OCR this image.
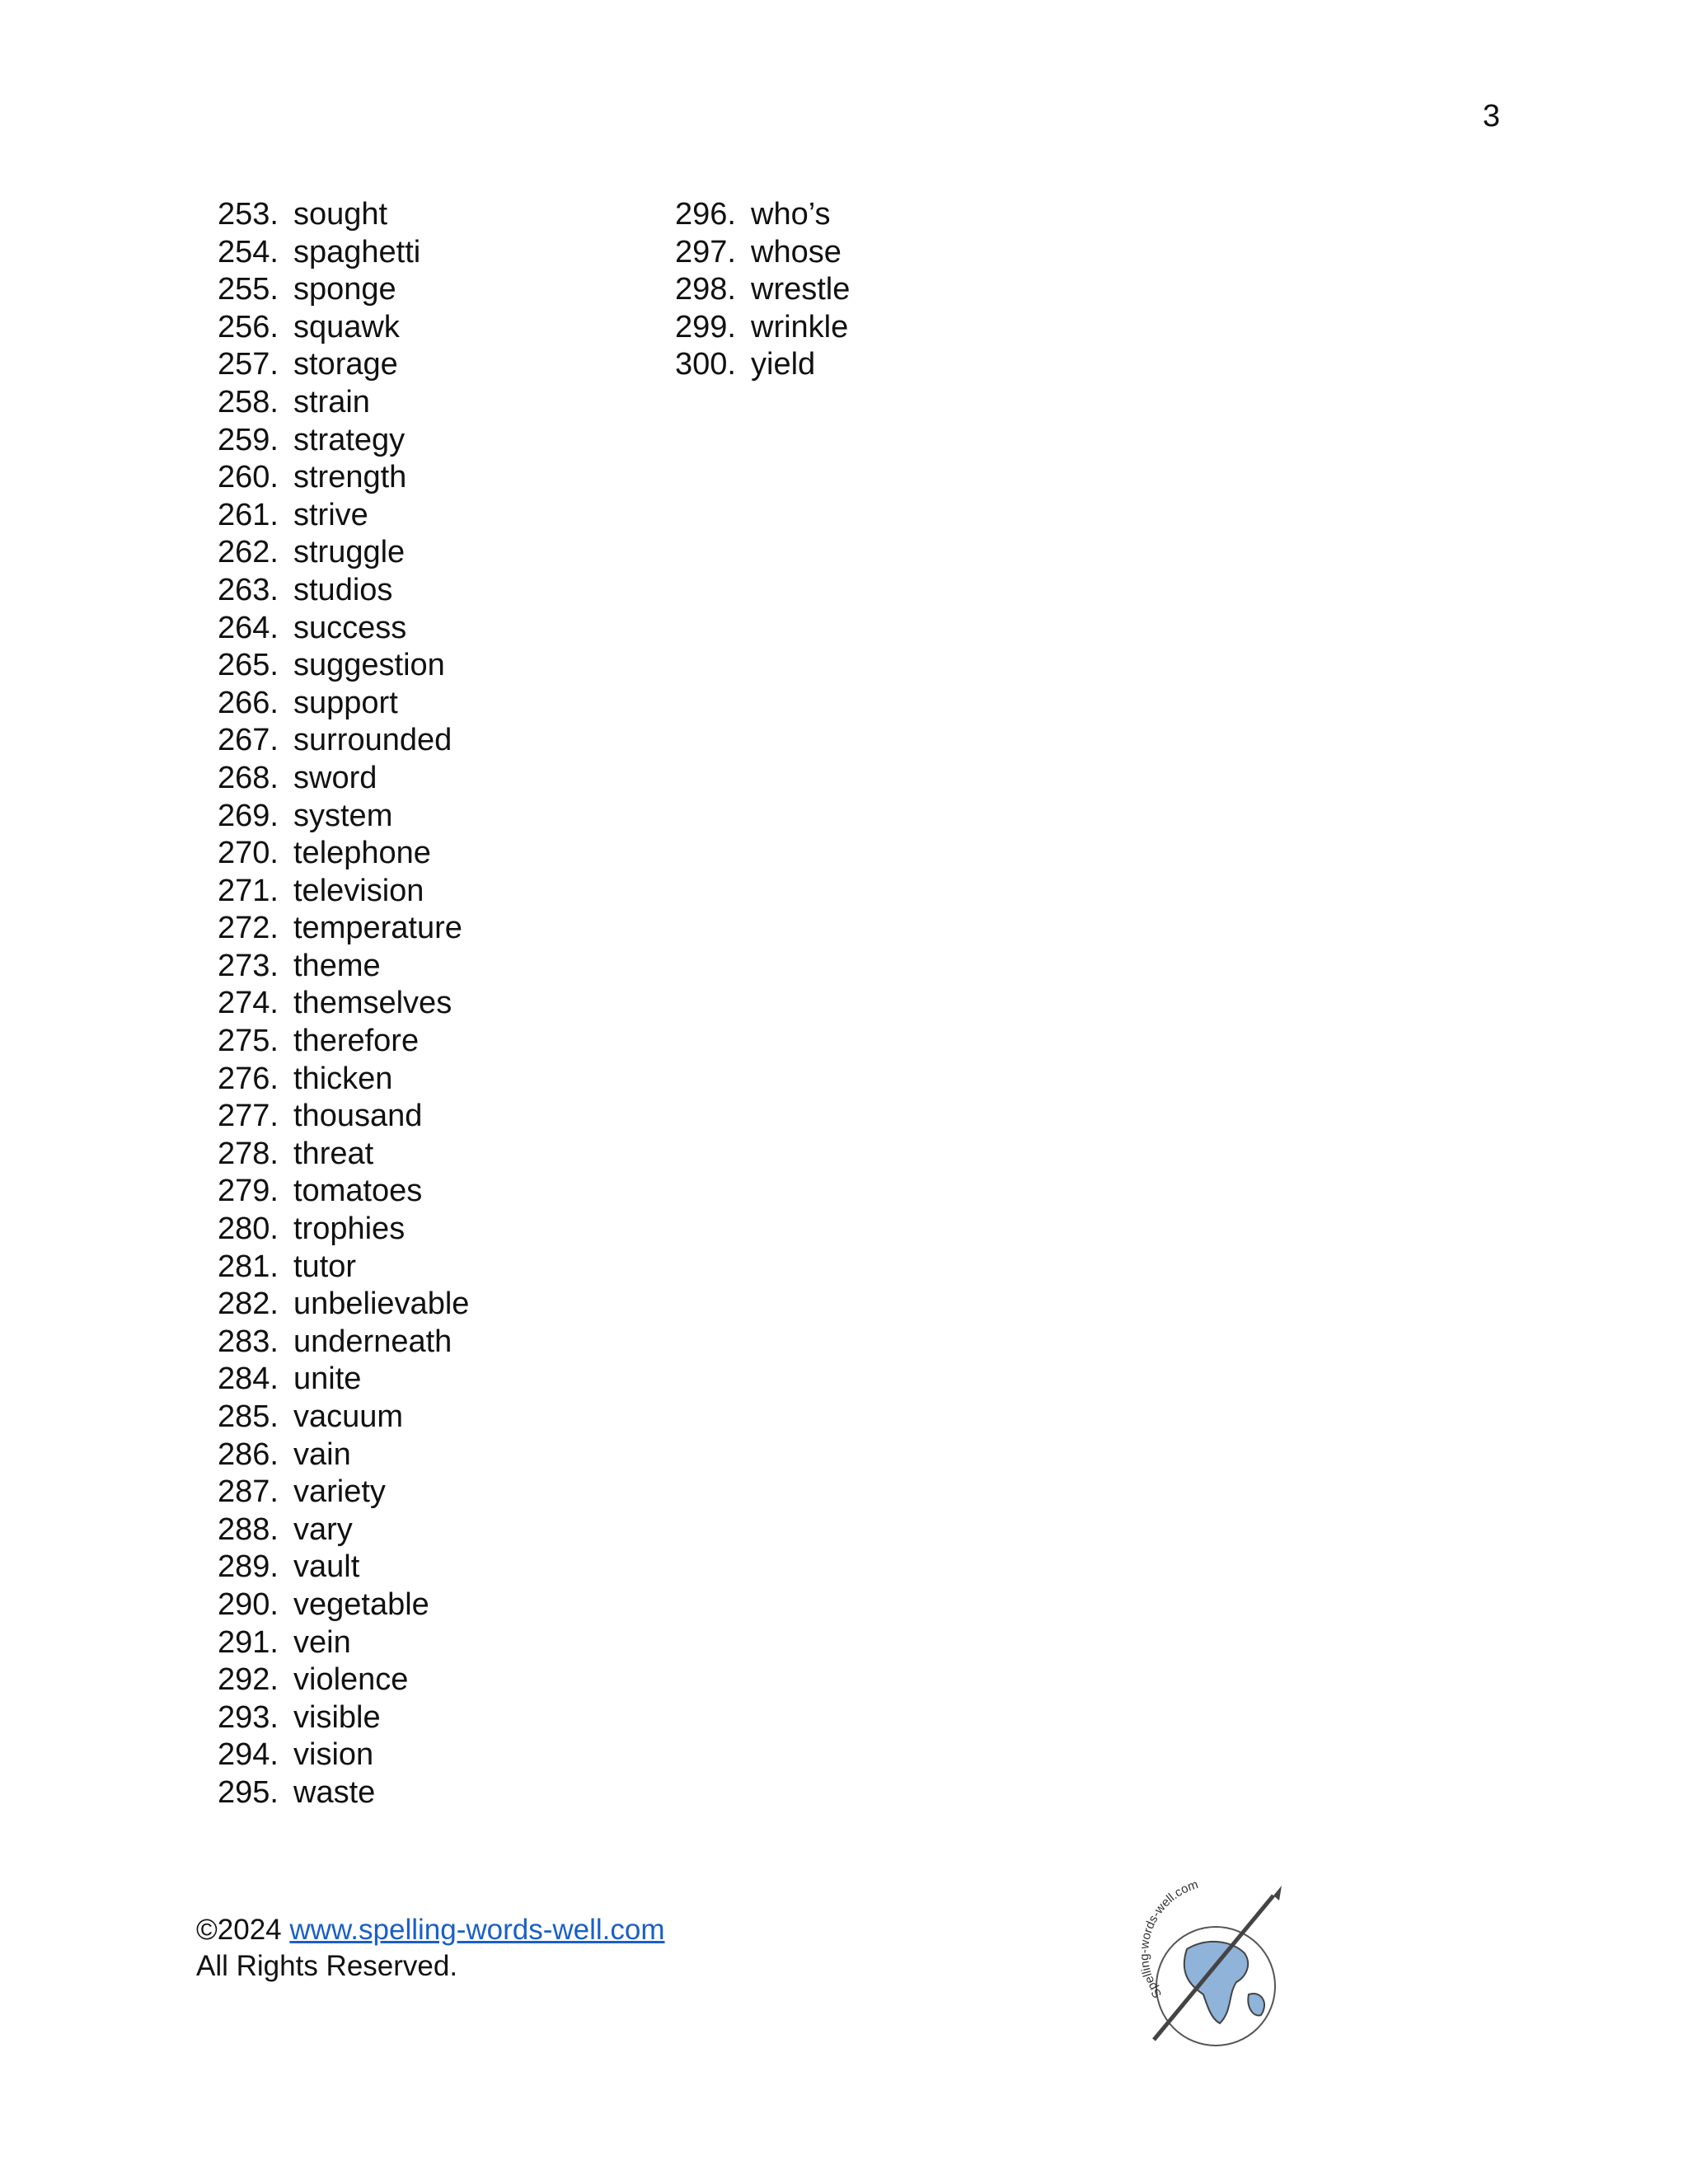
3
253. sought
254. spaghetti
255. sponge
256. squawk
257. storage
258. strain
259. strategy
260. strength
261. strive
262. struggle
263. studios
264. success
265. suggestion
266. support
267. surrounded
268. sword
269. system
270. telephone
271. television
272. temperature
273. theme
274. themselves
275. therefore
276. thicken
277. thousand
278. threat
279. tomatoes
280. trophies
281. tutor
282. unbelievable
283. underneath
284. unite
285. vacuum
286. vain
287. variety
288. vary
289. vault
290. vegetable
291. vein
292. violence
293. visible
294. vision
295. waste
296. who’s
297. whose
298. wrestle
299. wrinkle
300. yield
©2024 www.spelling-words-well.com
All Rights Reserved.
Spelling-words-well.com
